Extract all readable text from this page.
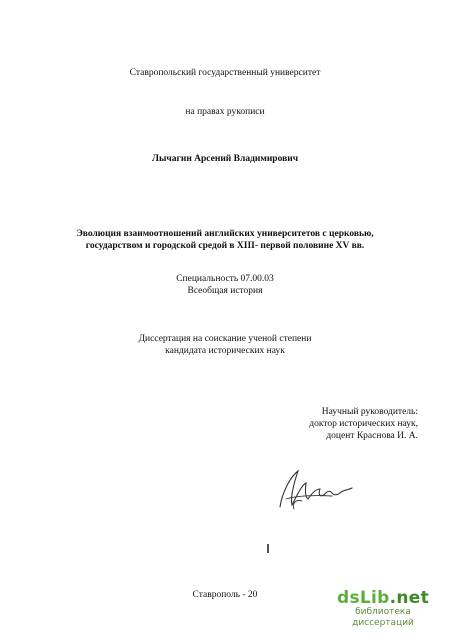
Ставропольский государственный университет
на правах рукописи
Лычагин Арсений Владимирович
Эволюция взаимоотношений английских университетов с церковью,
государством и городской средой в XIII- первой половине XV вв.
Специальность 07.00.03
Всеобщая история
Диссертация на соискание ученой степени
кандидата исторических наук
Научный руководитель:
доктор исторических наук,
доцент Краснова И. А.
Ставрополь - 20	dsLib.net
библиотека диссертаций
